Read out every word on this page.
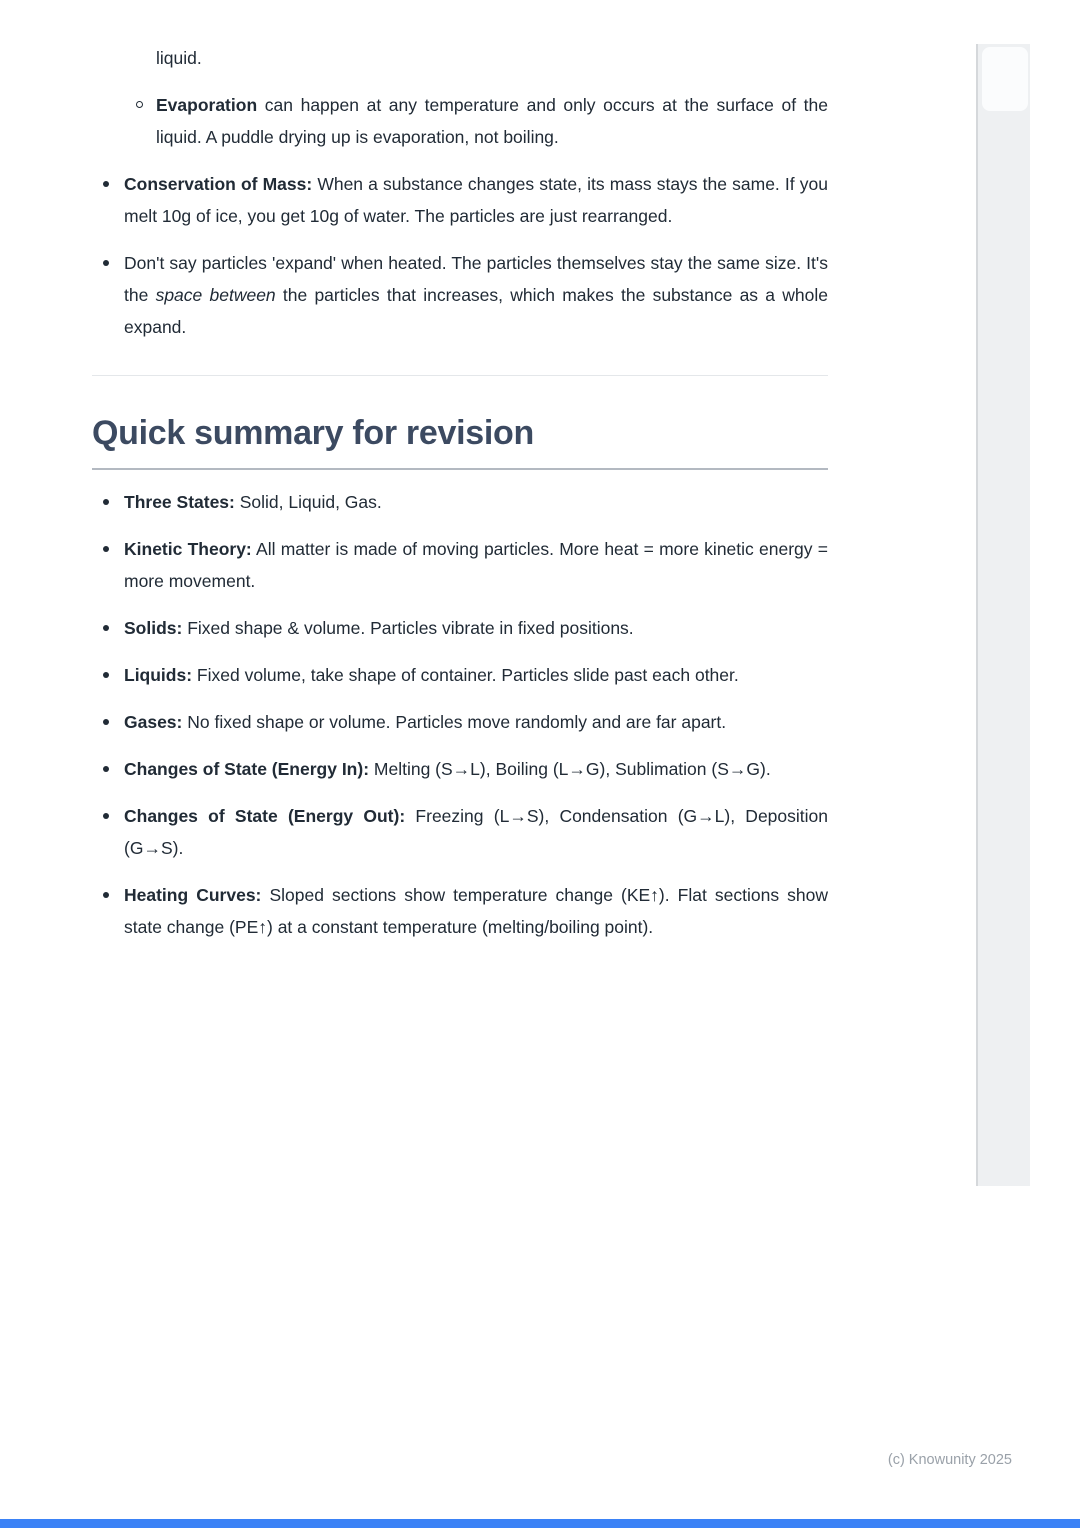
liquid.
Evaporation can happen at any temperature and only occurs at the surface of the liquid. A puddle drying up is evaporation, not boiling.
Conservation of Mass: When a substance changes state, its mass stays the same. If you melt 10g of ice, you get 10g of water. The particles are just rearranged.
Don't say particles 'expand' when heated. The particles themselves stay the same size. It's the space between the particles that increases, which makes the substance as a whole expand.
Quick summary for revision
Three States: Solid, Liquid, Gas.
Kinetic Theory: All matter is made of moving particles. More heat = more kinetic energy = more movement.
Solids: Fixed shape & volume. Particles vibrate in fixed positions.
Liquids: Fixed volume, take shape of container. Particles slide past each other.
Gases: No fixed shape or volume. Particles move randomly and are far apart.
Changes of State (Energy In): Melting (S→L), Boiling (L→G), Sublimation (S→G).
Changes of State (Energy Out): Freezing (L→S), Condensation (G→L), Deposition (G→S).
Heating Curves: Sloped sections show temperature change (KE↑). Flat sections show state change (PE↑) at a constant temperature (melting/boiling point).
(c) Knowunity 2025
